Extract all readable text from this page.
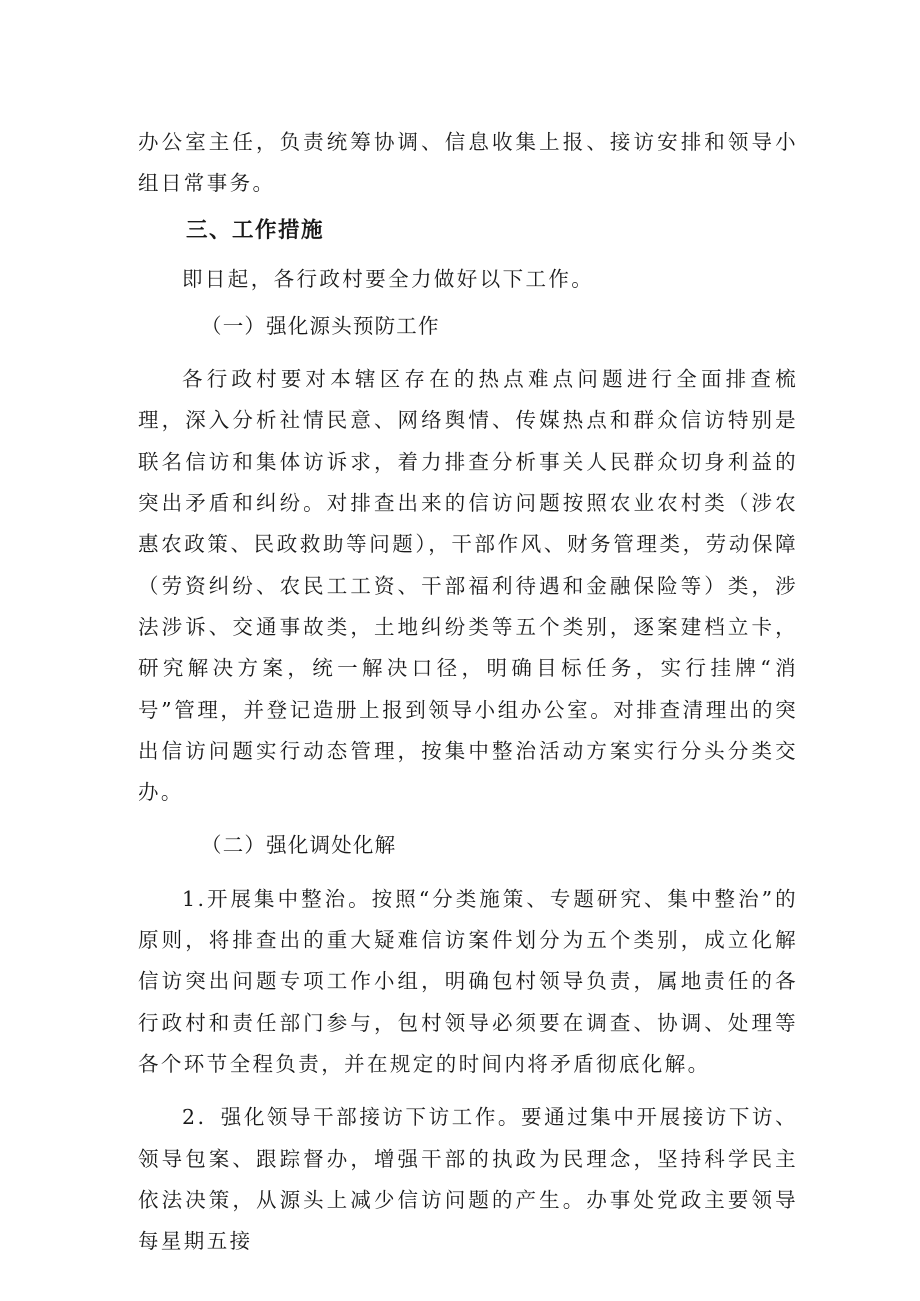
办公室主任，负责统筹协调、信息收集上报、接访安排和领导小组日常事务。

三、工作措施

即日起，各行政村要全力做好以下工作。

（一）强化源头预防工作

各行政村要对本辖区存在的热点难点问题进行全面排查梳理，深入分析社情民意、网络舆情、传媒热点和群众信访特别是联名信访和集体访诉求，着力排查分析事关人民群众切身利益的突出矛盾和纠纷。对排查出来的信访问题按照农业农村类（涉农惠农政策、民政救助等问题），干部作风、财务管理类，劳动保障（劳资纠纷、农民工工资、干部福利待遇和金融保险等）类，涉法涉诉、交通事故类，土地纠纷类等五个类别，逐案建档立卡，研究解决方案，统一解决口径，明确目标任务，实行挂牌“消号”管理，并登记造册上报到领导小组办公室。对排查清理出的突出信访问题实行动态管理，按集中整治活动方案实行分头分类交办。

（二）强化调处化解

1.开展集中整治。按照“分类施策、专题研究、集中整治”的原则，将排查出的重大疑难信访案件划分为五个类别，成立化解信访突出问题专项工作小组，明确包村领导负责，属地责任的各行政村和责任部门参与，包村领导必须要在调查、协调、处理等各个环节全程负责，并在规定的时间内将矛盾彻底化解。

2．强化领导干部接访下访工作。要通过集中开展接访下访、领导包案、跟踪督办，增强干部的执政为民理念，坚持科学民主依法决策，从源头上减少信访问题的产生。办事处党政主要领导每星期五接
